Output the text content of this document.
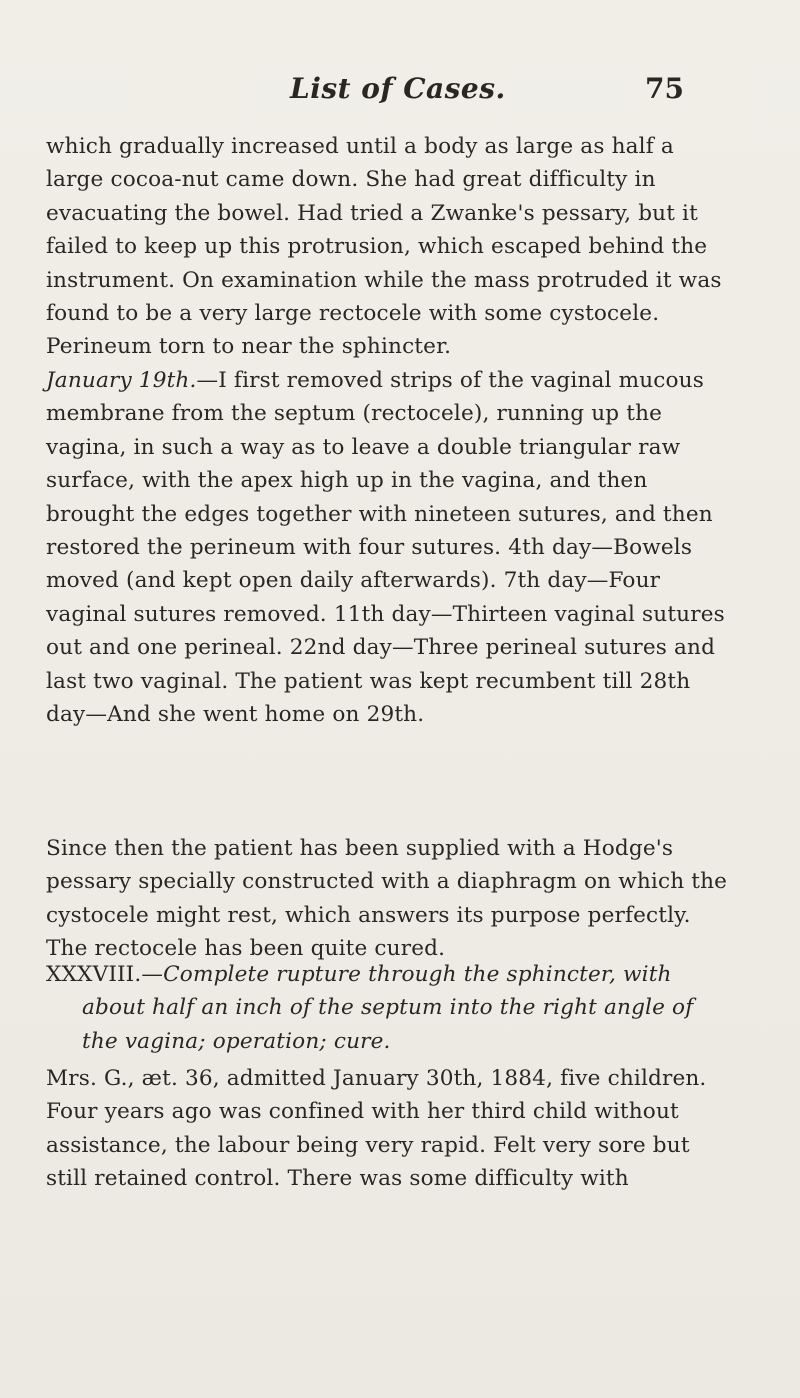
List of Cases.	75

which gradually increased until a body as large as half a large cocoa-nut came down. She had great difficulty in evacuating the bowel. Had tried a Zwanke's pessary, but it failed to keep up this protrusion, which escaped behind the instrument. On examination while the mass protruded it was found to be a very large rectocele with some cystocele. Perineum torn to near the sphincter.

January 19th.—I first removed strips of the vaginal mucous membrane from the septum (rectocele), running up the vagina, in such a way as to leave a double triangular raw surface, with the apex high up in the vagina, and then brought the edges together with nineteen sutures, and then restored the perineum with four sutures. 4th day—Bowels moved (and kept open daily afterwards). 7th day—Four vaginal sutures removed. 11th day—Thirteen vaginal sutures out and one perineal. 22nd day—Three perineal sutures and last two vaginal. The patient was kept recumbent till 28th day—And she went home on 29th.

Since then the patient has been supplied with a Hodge's pessary specially constructed with a diaphragm on which the cystocele might rest, which answers its purpose perfectly. The rectocele has been quite cured.

XXXVIII.—Complete rupture through the sphincter, with about half an inch of the septum into the right angle of the vagina; operation; cure.

Mrs. G., æt. 36, admitted January 30th, 1884, five children. Four years ago was confined with her third child without assistance, the labour being very rapid. Felt very sore but still retained control. There was some difficulty with
